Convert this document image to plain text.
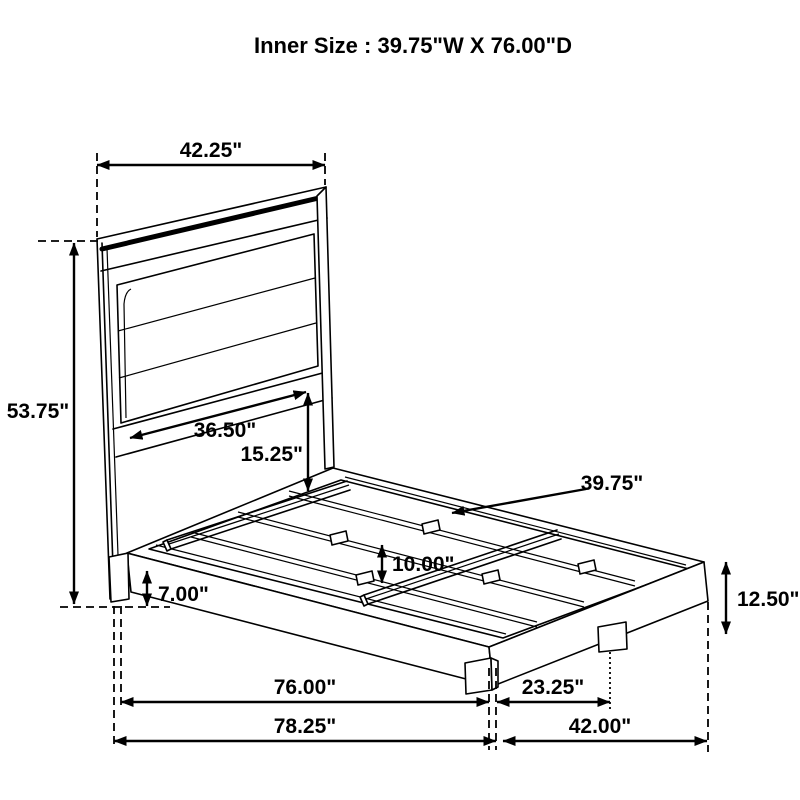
Inner Size : 39.75"W X 76.00"D
42.25"
53.75"
36.50"
15.25"
39.75"
10.00"
7.00"	12.50"
76.00"	23.25"
78.25"	42.00"
